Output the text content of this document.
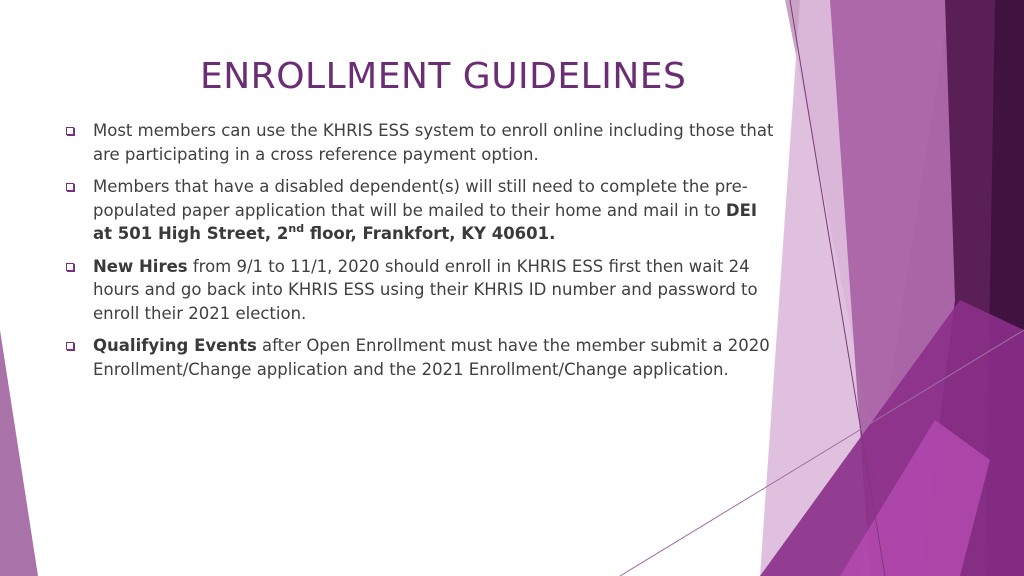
ENROLLMENT GUIDELINES
Most members can use the KHRIS ESS system to enroll online including those that are participating in a cross reference payment option.
Members that have a disabled dependent(s) will still need to complete the pre-populated paper application that will be mailed to their home and mail in to DEI at 501 High Street, 2nd floor, Frankfort, KY 40601.
New Hires from 9/1 to 11/1, 2020 should enroll in KHRIS ESS first then wait 24 hours and go back into KHRIS ESS using their KHRIS ID number and password to enroll their 2021 election.
Qualifying Events after Open Enrollment must have the member submit a 2020 Enrollment/Change application and the 2021 Enrollment/Change application.
